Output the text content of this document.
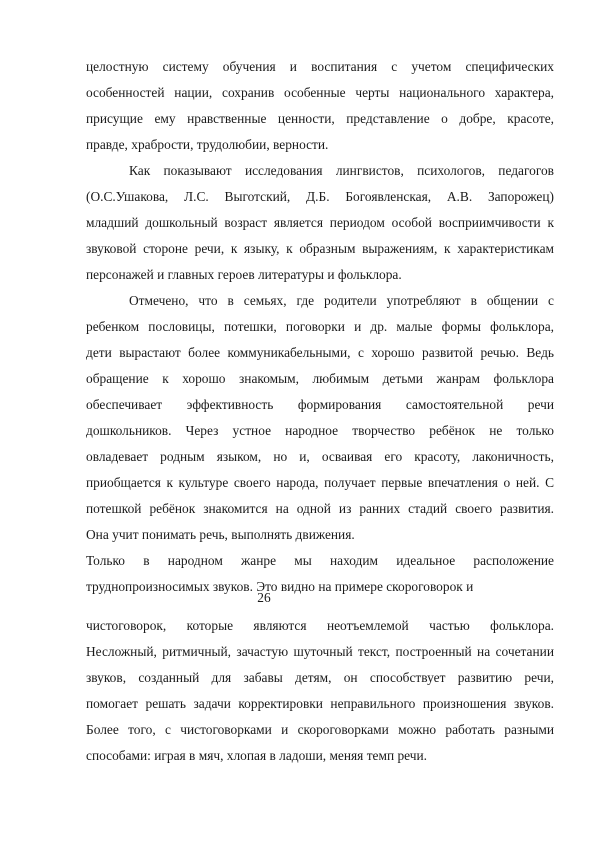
целостную систему обучения и воспитания с учетом специфических

особенностей нации, сохранив особенные черты национального характера,

присущие ему нравственные ценности, представление о добре, красоте,

правде, храбрости, трудолюбии, верности.

Как показывают исследования лингвистов, психологов, педагогов

(О.С.Ушакова, Л.С. Выготский, Д.Б. Богоявленская, А.В. Запорожец)

младший дошкольный возраст является периодом особой восприимчивости к

звуковой стороне речи, к языку, к образным выражениям, к характеристикам

персонажей и главных героев литературы и фольклора.

Отмечено, что в семьях, где родители употребляют в общении с

ребенком пословицы, потешки, поговорки и др. малые формы фольклора,

дети вырастают более коммуникабельными, с хорошо развитой речью. Ведь

обращение к хорошо знакомым, любимым детьми жанрам фольклора

обеспечивает эффективность формирования самостоятельной речи

дошкольников. Через устное народное творчество ребёнок не только

овладевает родным языком, но и, осваивая его красоту, лаконичность,

приобщается к культуре своего народа, получает первые впечатления о ней. С

потешкой ребёнок знакомится на одной из ранних стадий своего развития.

Она учит понимать речь, выполнять движения.

Только в народном жанре мы находим идеальное расположение

труднопроизносимых звуков. Это видно на примере скороговорок и

26

чистоговорок, которые являются неотъемлемой частью фольклора.

Несложный, ритмичный, зачастую шуточный текст, построенный на сочетании

звуков, созданный для забавы детям, он способствует развитию речи,

помогает решать задачи корректировки неправильного произношения звуков.

Более того, с чистоговорками и скороговорками можно работать разными

способами: играя в мяч, хлопая в ладоши, меняя темп речи.
